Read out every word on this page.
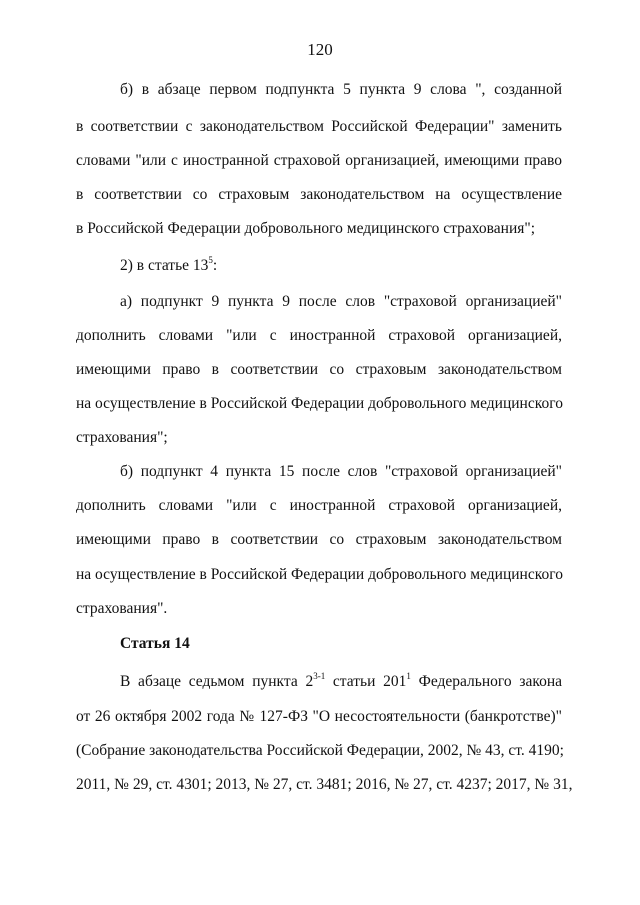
120
б) в абзаце первом подпункта 5 пункта 9 слова ", созданной
в соответствии с законодательством Российской Федерации" заменить
словами "или с иностранной страховой организацией, имеющими право
в соответствии со страховым законодательством на осуществление
в Российской Федерации добровольного медицинского страхования";
2) в статье $13^5$:
а) подпункт 9 пункта 9 после слов "страховой организацией"
дополнить словами "или с иностранной страховой организацией,
имеющими право в соответствии со страховым законодательством
на осуществление в Российской Федерации добровольного медицинского
страхования";
б) подпункт 4 пункта 15 после слов "страховой организацией"
дополнить словами "или с иностранной страховой организацией,
имеющими право в соответствии со страховым законодательством
на осуществление в Российской Федерации добровольного медицинского
страхования".
Статья 14
В абзаце седьмом пункта 2$^{3-1}$ статьи $201^1$ Федерального закона
от 26 октября 2002 года № 127-ФЗ "О несостоятельности (банкротстве)"
(Собрание законодательства Российской Федерации, 2002, № 43, ст. 4190;
2011, № 29, ст. 4301; 2013, № 27, ст. 3481; 2016, № 27, ст. 4237; 2017, № 31,
